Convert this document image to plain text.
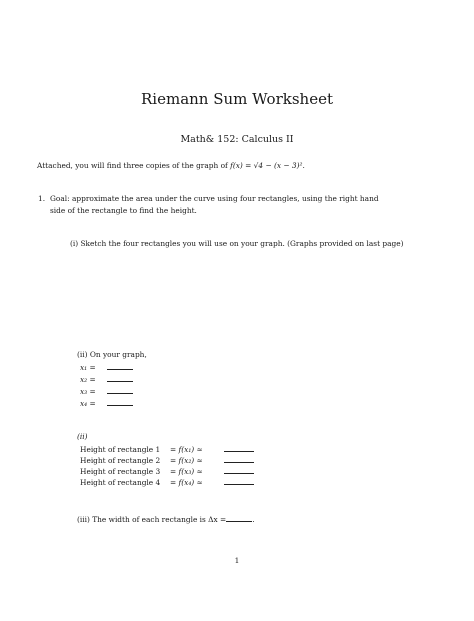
Riemann Sum Worksheet
Math& 152: Calculus II
Attached, you will find three copies of the graph of f(x) = √4 − (x − 3)².
1. Goal: approximate the area under the curve using four rectangles, using the right hand
side of the rectangle to find the height.
(i) Sketch the four rectangles you will use on your graph. (Graphs provided on last page)
(ii) On your graph,
x₁ =
x₂ =
x₃ =
x₄ =
(ii)
Height of rectangle 1 = f(x₁) ≈
Height of rectangle 2 = f(x₂) ≈
Height of rectangle 3 = f(x₃) ≈
Height of rectangle 4 = f(x₄) ≈
(iii) The width of each rectangle is Δx =	.
1
